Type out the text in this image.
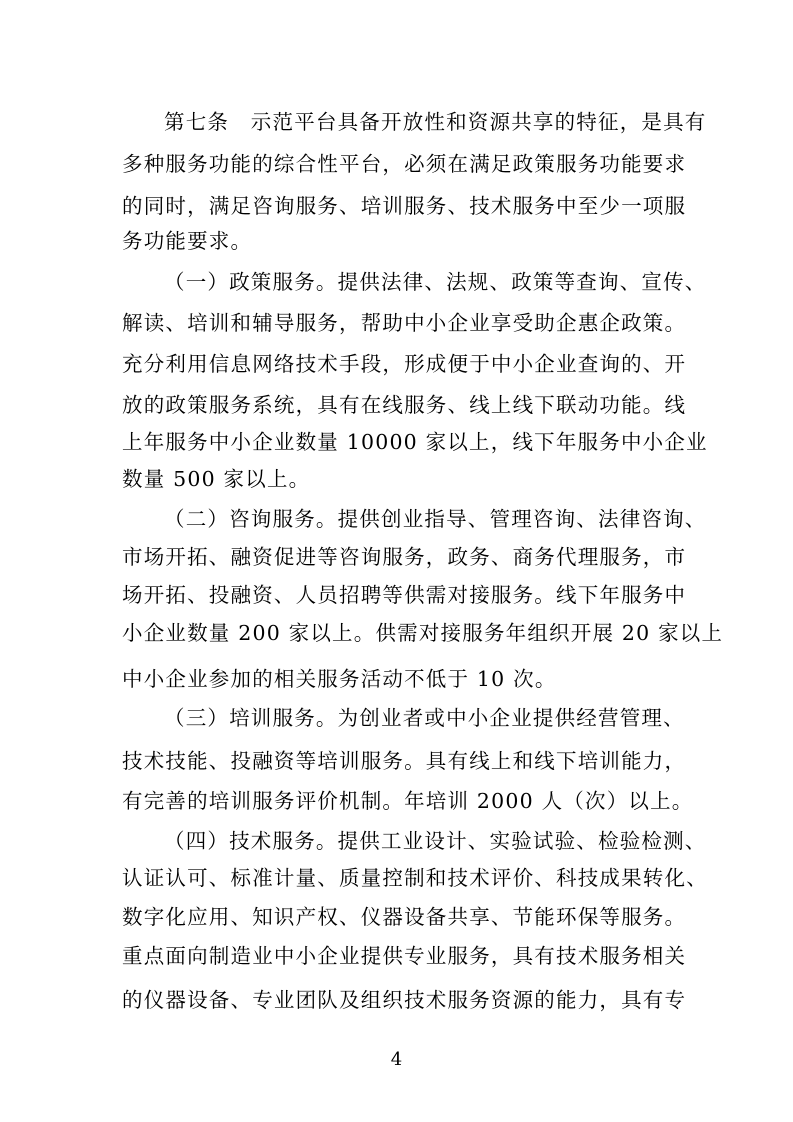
第七条　示范平台具备开放性和资源共享的特征，是具有
多种服务功能的综合性平台，必须在满足政策服务功能要求
的同时，满足咨询服务、培训服务、技术服务中至少一项服
务功能要求。
（一）政策服务。提供法律、法规、政策等查询、宣传、
解读、培训和辅导服务，帮助中小企业享受助企惠企政策。
充分利用信息网络技术手段，形成便于中小企业查询的、开
放的政策服务系统，具有在线服务、线上线下联动功能。线
上年服务中小企业数量 10000 家以上，线下年服务中小企业
数量 500 家以上。
（二）咨询服务。提供创业指导、管理咨询、法律咨询、
市场开拓、融资促进等咨询服务，政务、商务代理服务，市
场开拓、投融资、人员招聘等供需对接服务。线下年服务中
小企业数量 200 家以上。供需对接服务年组织开展 20 家以上
中小企业参加的相关服务活动不低于 10 次。
（三）培训服务。为创业者或中小企业提供经营管理、
技术技能、投融资等培训服务。具有线上和线下培训能力，
有完善的培训服务评价机制。年培训 2000 人（次）以上。
（四）技术服务。提供工业设计、实验试验、检验检测、
认证认可、标准计量、质量控制和技术评价、科技成果转化、
数字化应用、知识产权、仪器设备共享、节能环保等服务。
重点面向制造业中小企业提供专业服务，具有技术服务相关
的仪器设备、专业团队及组织技术服务资源的能力，具有专
4
